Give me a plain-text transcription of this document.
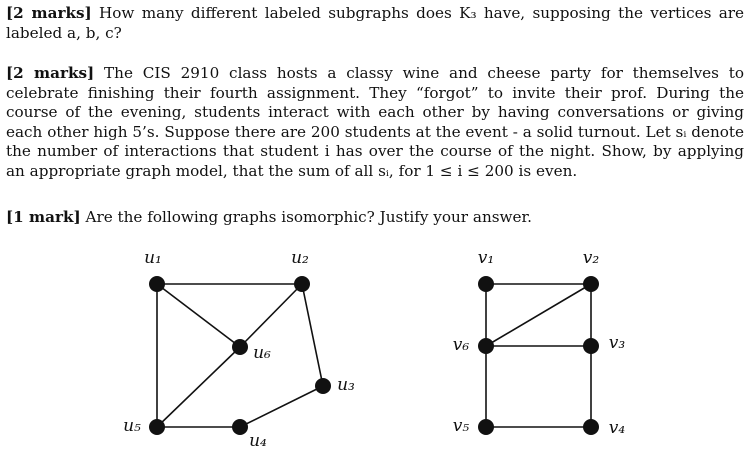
[2 marks] How many different labeled subgraphs does K₃ have, supposing the vertices are labeled a, b, c?
[2 marks] The CIS 2910 class hosts a classy wine and cheese party for themselves to celebrate finishing their fourth assignment. They “forgot” to invite their prof. During the course of the evening, students interact with each other by having conversations or giving each other high 5’s. Suppose there are 200 students at the event - a solid turnout. Let sᵢ denote the number of interactions that student i has over the course of the night. Show, by applying an appropriate graph model, that the sum of all sᵢ, for 1 ≤ i ≤ 200 is even.
[1 mark] Are the following graphs isomorphic? Justify your answer.
u₁	u₂
u₃
u₄
u₅
u₆
v₁	v₂
v₃
v₄
v₅
v₆
